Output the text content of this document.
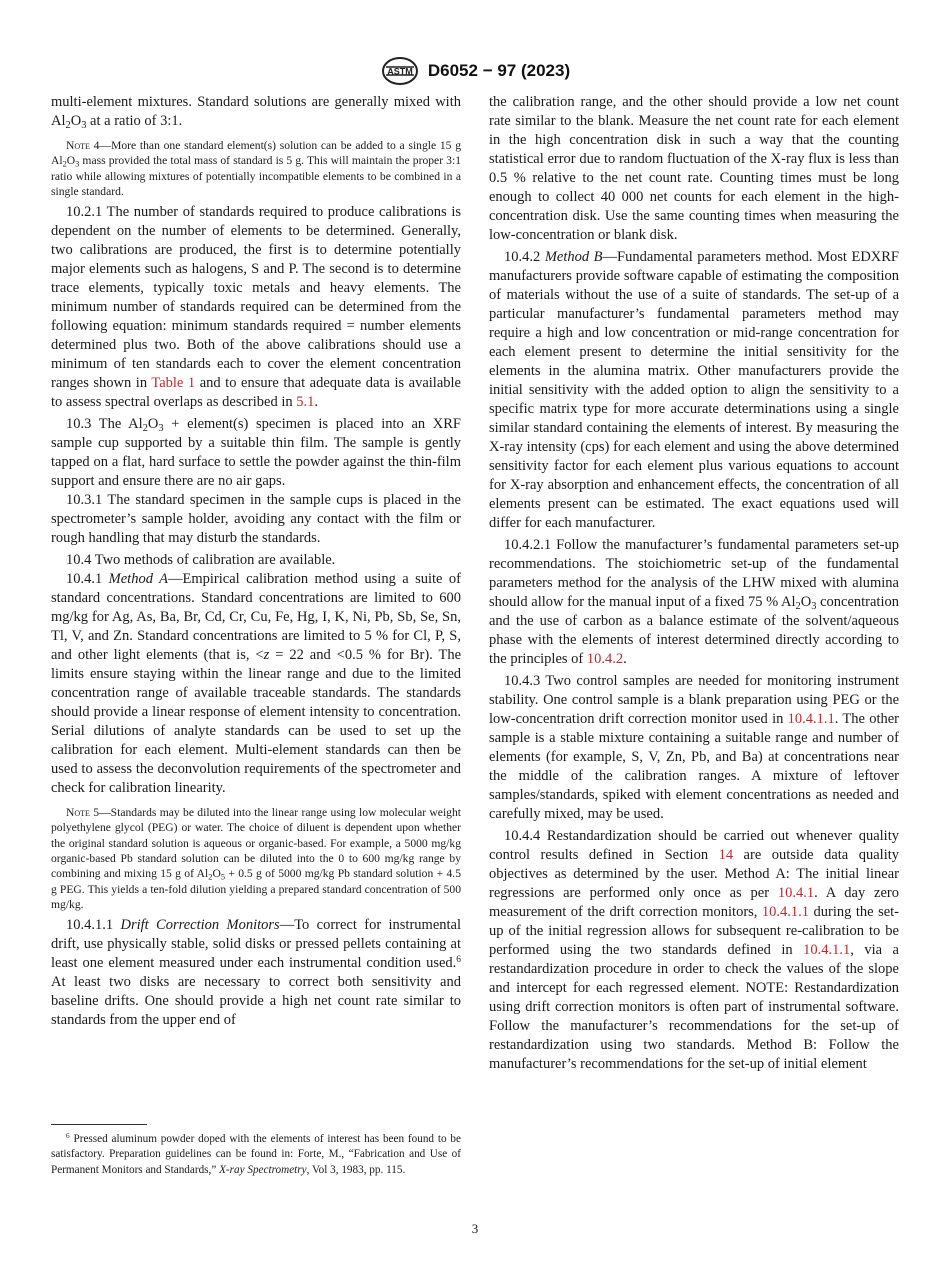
ASTM D6052 − 97 (2023)

multi-element mixtures. Standard solutions are generally mixed with $Al_2O_3$ at a ratio of 3:1.

Note 4—More than one standard element(s) solution can be added to a single 15 g $Al_2O_3$ mass provided the total mass of standard is 5 g. This will maintain the proper 3:1 ratio while allowing mixtures of potentially incompatible elements to be combined in a single standard.

10.2.1 The number of standards required to produce calibrations is dependent on the number of elements to be determined. Generally, two calibrations are produced, the first is to determine potentially major elements such as halogens, S and P. The second is to determine trace elements, typically toxic metals and heavy elements. The minimum number of standards required can be determined from the following equation: minimum standards required = number elements determined plus two. Both of the above calibrations should use a minimum of ten standards each to cover the element concentration ranges shown in Table 1 and to ensure that adequate data is available to assess spectral overlaps as described in 5.1.

10.3 The $Al_2O_3$ + element(s) specimen is placed into an XRF sample cup supported by a suitable thin film. The sample is gently tapped on a flat, hard surface to settle the powder against the thin-film support and ensure there are no air gaps.

10.3.1 The standard specimen in the sample cups is placed in the spectrometer’s sample holder, avoiding any contact with the film or rough handling that may disturb the standards.

10.4 Two methods of calibration are available.

10.4.1 Method A—Empirical calibration method using a suite of standard concentrations. Standard concentrations are limited to 600 mg/kg for Ag, As, Ba, Br, Cd, Cr, Cu, Fe, Hg, I, K, Ni, Pb, Sb, Se, Sn, Tl, V, and Zn. Standard concentrations are limited to 5 % for Cl, P, S, and other light elements (that is, <z = 22 and <0.5 % for Br). The limits ensure staying within the linear range and due to the limited concentration range of available traceable standards. The standards should provide a linear response of element intensity to concentration. Serial dilutions of analyte standards can be used to set up the calibration for each element. Multi-element standards can then be used to assess the deconvolution requirements of the spectrometer and check for calibration linearity.

Note 5—Standards may be diluted into the linear range using low molecular weight polyethylene glycol (PEG) or water. The choice of diluent is dependent upon whether the original standard solution is aqueous or organic-based. For example, a 5000 mg/kg organic-based Pb standard solution can be diluted into the 0 to 600 mg/kg range by combining and mixing 15 g of $Al_2O_5 + 0.5$ g of 5000 mg/kg Pb standard solution + 4.5 g PEG. This yields a ten-fold dilution yielding a prepared standard concentration of 500 mg/kg.

10.4.1.1 Drift Correction Monitors—To correct for instrumental drift, use physically stable, solid disks or pressed pellets containing at least one element measured under each instrumental condition used.$^6$ At least two disks are necessary to correct both sensitivity and baseline drifts. One should provide a high net count rate similar to standards from the upper end of

the calibration range, and the other should provide a low net count rate similar to the blank. Measure the net count rate for each element in the high concentration disk in such a way that the counting statistical error due to random fluctuation of the X-ray flux is less than 0.5 % relative to the net count rate. Counting times must be long enough to collect 40 000 net counts for each element in the high-concentration disk. Use the same counting times when measuring the low-concentration or blank disk.

10.4.2 Method B—Fundamental parameters method. Most EDXRF manufacturers provide software capable of estimating the composition of materials without the use of a suite of standards. The set-up of a particular manufacturer’s fundamental parameters method may require a high and low concentration or mid-range concentration for each element present to determine the initial sensitivity for the elements in the alumina matrix. Other manufacturers provide the initial sensitivity with the added option to align the sensitivity to a specific matrix type for more accurate determinations using a single similar standard containing the elements of interest. By measuring the X-ray intensity (cps) for each element and using the above determined sensitivity factor for each element plus various equations to account for X-ray absorption and enhancement effects, the concentration of all elements present can be estimated. The exact equations used will differ for each manufacturer.

10.4.2.1 Follow the manufacturer’s fundamental parameters set-up recommendations. The stoichiometric set-up of the fundamental parameters method for the analysis of the LHW mixed with alumina should allow for the manual input of a fixed 75 % $Al_2O_3$ concentration and the use of carbon as a balance estimate of the solvent/aqueous phase with the elements of interest determined directly according to the principles of 10.4.2.

10.4.3 Two control samples are needed for monitoring instrument stability. One control sample is a blank preparation using PEG or the low-concentration drift correction monitor used in 10.4.1.1. The other sample is a stable mixture containing a suitable range and number of elements (for example, S, V, Zn, Pb, and Ba) at concentrations near the middle of the calibration ranges. A mixture of leftover samples/standards, spiked with element concentrations as needed and carefully mixed, may be used.

10.4.4 Restandardization should be carried out whenever quality control results defined in Section 14 are outside data quality objectives as determined by the user. Method A: The initial linear regressions are performed only once as per 10.4.1. A day zero measurement of the drift correction monitors, 10.4.1.1 during the set-up of the initial regression allows for subsequent re-calibration to be performed using the two standards defined in 10.4.1.1, via a restandardization procedure in order to check the values of the slope and intercept for each regressed element. NOTE: Restandardization using drift correction monitors is often part of instrumental software. Follow the manufacturer’s recommendations for the set-up of restandardization using two standards. Method B: Follow the manufacturer’s recommendations for the set-up of initial element

$^6$ Pressed aluminum powder doped with the elements of interest has been found to be satisfactory. Preparation guidelines can be found in: Forte, M., “Fabrication and Use of Permanent Monitors and Standards,” X-ray Spectrometry, Vol 3, 1983, pp. 115.
3
